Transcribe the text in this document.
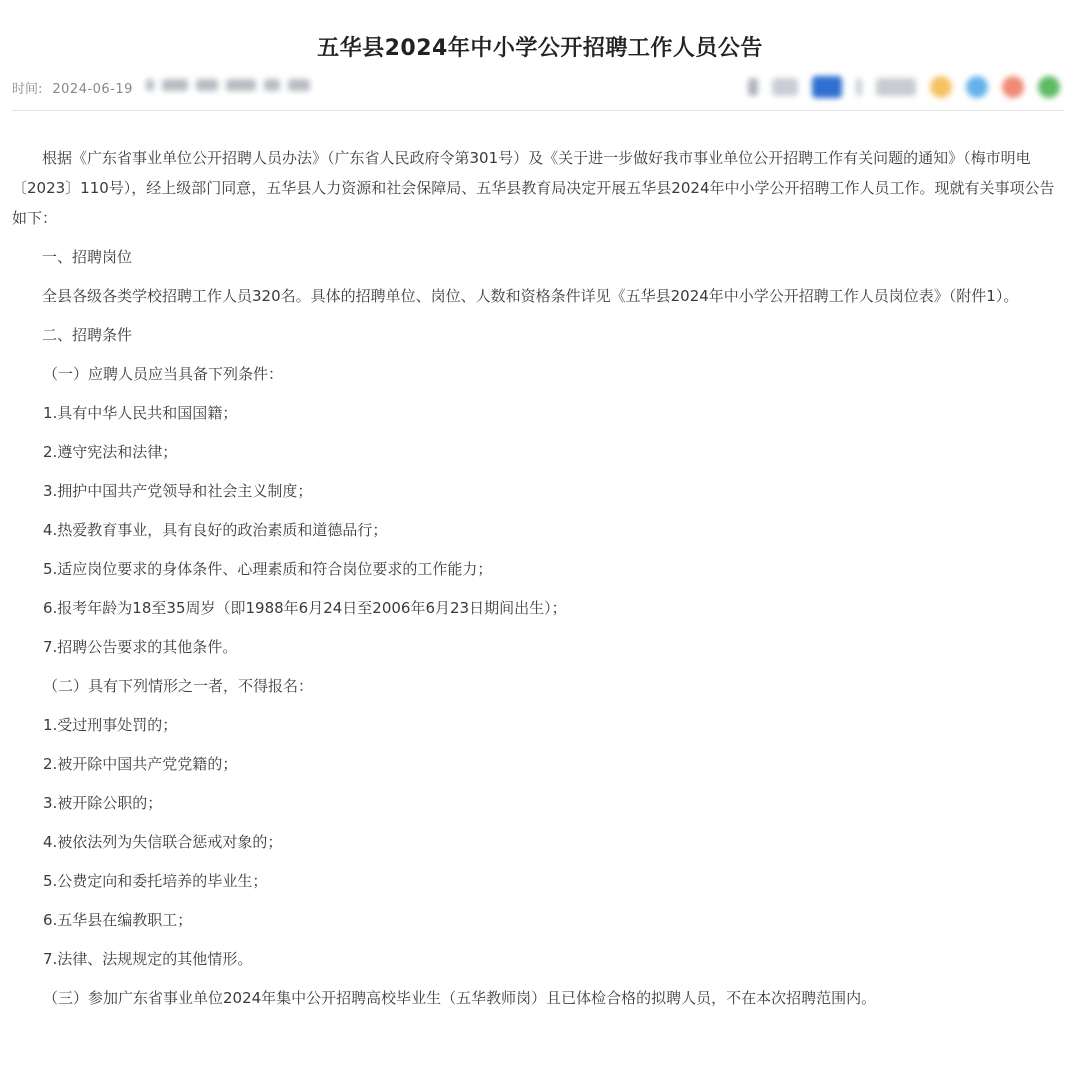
五华县2024年中小学公开招聘工作人员公告
时间: 2024-06-19

根据《广东省事业单位公开招聘人员办法》（广东省人民政府令第301号）及《关于进一步做好我市事业单位公开招聘工作有关问题的通知》（梅市明电〔2023〕110号），经上级部门同意，五华县人力资源和社会保障局、五华县教育局决定开展五华县2024年中小学公开招聘工作人员工作。现就有关事项公告如下：

一、招聘岗位

全县各级各类学校招聘工作人员320名。具体的招聘单位、岗位、人数和资格条件详见《五华县2024年中小学公开招聘工作人员岗位表》（附件1）。

二、招聘条件

（一）应聘人员应当具备下列条件：

1.具有中华人民共和国国籍；

2.遵守宪法和法律；

3.拥护中国共产党领导和社会主义制度；

4.热爱教育事业，具有良好的政治素质和道德品行；

5.适应岗位要求的身体条件、心理素质和符合岗位要求的工作能力；

6.报考年龄为18至35周岁（即1988年6月24日至2006年6月23日期间出生）；

7.招聘公告要求的其他条件。

（二）具有下列情形之一者，不得报名：

1.受过刑事处罚的；

2.被开除中国共产党党籍的；

3.被开除公职的；

4.被依法列为失信联合惩戒对象的；

5.公费定向和委托培养的毕业生；

6.五华县在编教职工；

7.法律、法规规定的其他情形。

（三）参加广东省事业单位2024年集中公开招聘高校毕业生（五华教师岗）且已体检合格的拟聘人员，不在本次招聘范围内。
